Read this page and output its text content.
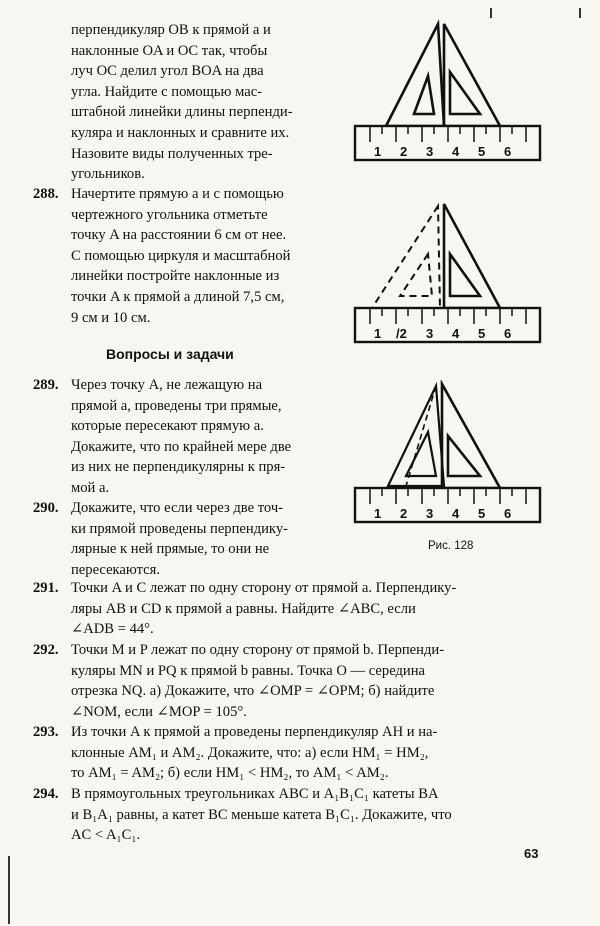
перпендикуляр OB к прямой a и

наклонные OA и OC так, чтобы

луч OC делил угол BOA на два

угла. Найдите с помощью мас-

штабной линейки длины перпенди-

куляра и наклонных и сравните их.

Назовите виды полученных тре-

угольников.

288. Начертите прямую a и с помощью

чертежного угольника отметьте

точку A на расстоянии 6 см от нее.

С помощью циркуля и масштабной

линейки постройте наклонные из

точки A к прямой a длиной 7,5 см,

9 см и 10 см.

Вопросы и задачи
289. Через точку A, не лежащую на

прямой a, проведены три прямые,

которые пересекают прямую a.

Докажите, что по крайней мере две

из них не перпендикулярны к пря-

мой a.

290. Докажите, что если через две точ-

ки прямой проведены перпендику-

лярные к ней прямые, то они не

пересекаются.

291. Точки A и C лежат по одну сторону от прямой a. Перпендику-

ляры AB и CD к прямой a равны. Найдите ∠ABC, если

∠ADB = 44°.

292. Точки M и P лежат по одну сторону от прямой b. Перпенди-

куляры MN и PQ к прямой b равны. Точка O — середина

отрезка NQ. а) Докажите, что ∠OMP = ∠OPM; б) найдите

∠NOM, если ∠MOP = 105°.

293. Из точки A к прямой a проведены перпендикуляр AH и на-

клонные AM₁ и AM₂. Докажите, что: а) если HM₁ = HM₂,

то AM₁ = AM₂; б) если HM₁ < HM₂, то AM₁ < AM₂.

294. В прямоугольных треугольниках ABC и A₁B₁C₁ катеты BA

и B₁A₁ равны, а катет BC меньше катета B₁C₁. Докажите, что

AC < A₁C₁.

1 2 3 4 5 6
1 /2 3 4 5 6
1 2 3 4 5 6
Рис. 128
63
